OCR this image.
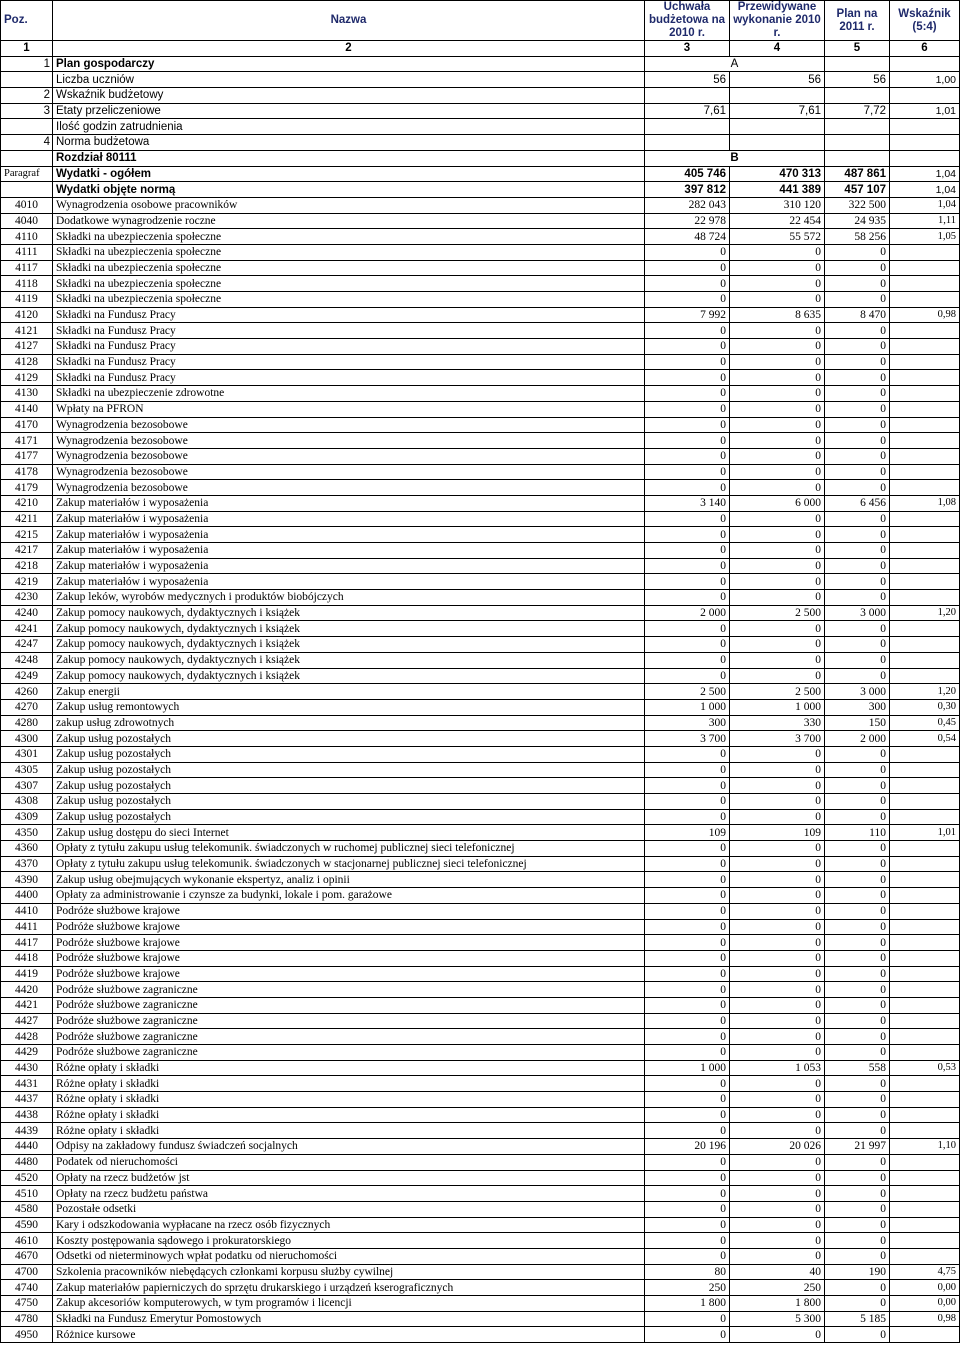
Poz.	Nazwa	Uchwała budżetowa na 2010 r.	Przewidywane wykonanie 2010 r.	Plan na 2011 r.	Wskaźnik (5:4)
1	2	3	4	5	6
1	Plan gospodarczy	A			
	Liczba uczniów	56	56	56	1,00
2	Wskaźnik budżetowy				
3	Etaty przeliczeniowe	7,61	7,61	7,72	1,01
	Ilość godzin zatrudnienia				
4	Norma budżetowa				
	Rozdział 80111	B			
Paragraf	Wydatki - ogółem	405 746	470 313	487 861	1,04
	Wydatki objęte normą	397 812	441 389	457 107	1,04
4010	Wynagrodzenia osobowe pracowników	282 043	310 120	322 500	1,04
4040	Dodatkowe wynagrodzenie roczne	22 978	22 454	24 935	1,11
4110	Składki na ubezpieczenia społeczne	48 724	55 572	58 256	1,05
4111	Składki na ubezpieczenia społeczne	0	0	0	
4117	Składki na ubezpieczenia społeczne	0	0	0	
4118	Składki na ubezpieczenia społeczne	0	0	0	
4119	Składki na ubezpieczenia społeczne	0	0	0	
4120	Składki na Fundusz Pracy	7 992	8 635	8 470	0,98
4121	Składki na Fundusz Pracy	0	0	0	
4127	Składki na Fundusz Pracy	0	0	0	
4128	Składki na Fundusz Pracy	0	0	0	
4129	Składki na Fundusz Pracy	0	0	0	
4130	Składki na ubezpieczenie zdrowotne	0	0	0	
4140	Wpłaty na PFRON	0	0	0	
4170	Wynagrodzenia bezosobowe	0	0	0	
4171	Wynagrodzenia bezosobowe	0	0	0	
4177	Wynagrodzenia bezosobowe	0	0	0	
4178	Wynagrodzenia bezosobowe	0	0	0	
4179	Wynagrodzenia bezosobowe	0	0	0	
4210	Zakup materiałów i wyposażenia	3 140	6 000	6 456	1,08
4211	Zakup materiałów i wyposażenia	0	0	0	
4215	Zakup materiałów i wyposażenia	0	0	0	
4217	Zakup materiałów i wyposażenia	0	0	0	
4218	Zakup materiałów i wyposażenia	0	0	0	
4219	Zakup materiałów i wyposażenia	0	0	0	
4230	Zakup leków, wyrobów medycznych i produktów biobójczych	0	0	0	
4240	Zakup pomocy naukowych, dydaktycznych i książek	2 000	2 500	3 000	1,20
4241	Zakup pomocy naukowych, dydaktycznych i książek	0	0	0	
4247	Zakup pomocy naukowych, dydaktycznych i książek	0	0	0	
4248	Zakup pomocy naukowych, dydaktycznych i książek	0	0	0	
4249	Zakup pomocy naukowych, dydaktycznych i książek	0	0	0	
4260	Zakup energii	2 500	2 500	3 000	1,20
4270	Zakup usług remontowych	1 000	1 000	300	0,30
4280	zakup usług zdrowotnych	300	330	150	0,45
4300	Zakup usług pozostałych	3 700	3 700	2 000	0,54
4301	Zakup usług pozostałych	0	0	0	
4305	Zakup usług pozostałych	0	0	0	
4307	Zakup usług pozostałych	0	0	0	
4308	Zakup usług pozostałych	0	0	0	
4309	Zakup usług pozostałych	0	0	0	
4350	Zakup usług dostępu do sieci Internet	109	109	110	1,01
4360	Opłaty z tytułu zakupu usług telekomunik. świadczonych w ruchomej publicznej sieci telefonicznej	0	0	0	
4370	Opłaty z tytułu zakupu usług telekomunik. świadczonych w stacjonarnej publicznej sieci telefonicznej	0	0	0	
4390	Zakup usług obejmujących wykonanie ekspertyz, analiz i opinii	0	0	0	
4400	Opłaty za administrowanie i czynsze za budynki, lokale i pom. garażowe	0	0	0	
4410	Podróże służbowe krajowe	0	0	0	
4411	Podróże służbowe krajowe	0	0	0	
4417	Podróże służbowe krajowe	0	0	0	
4418	Podróże służbowe krajowe	0	0	0	
4419	Podróże służbowe krajowe	0	0	0	
4420	Podróże służbowe zagraniczne	0	0	0	
4421	Podróże służbowe zagraniczne	0	0	0	
4427	Podróże służbowe zagraniczne	0	0	0	
4428	Podróże służbowe zagraniczne	0	0	0	
4429	Podróże służbowe zagraniczne	0	0	0	
4430	Różne opłaty i składki	1 000	1 053	558	0,53
4431	Różne opłaty i składki	0	0	0	
4437	Różne opłaty i składki	0	0	0	
4438	Różne opłaty i składki	0	0	0	
4439	Różne opłaty i składki	0	0	0	
4440	Odpisy na zakładowy fundusz świadczeń socjalnych	20 196	20 026	21 997	1,10
4480	Podatek od nieruchomości	0	0	0	
4520	Opłaty na rzecz budżetów jst	0	0	0	
4510	Opłaty na rzecz budżetu państwa	0	0	0	
4580	Pozostałe odsetki	0	0	0	
4590	Kary i odszkodowania wypłacane na rzecz osób fizycznych	0	0	0	
4610	Koszty postępowania sądowego i prokuratorskiego	0	0	0	
4670	Odsetki od nieterminowych wpłat podatku od nieruchomości	0	0	0	
4700	Szkolenia pracowników niebędących członkami korpusu służby cywilnej	80	40	190	4,75
4740	Zakup materiałów papierniczych do sprzętu drukarskiego i urządzeń kserograficznych	250	250	0	0,00
4750	Zakup akcesoriów komputerowych, w tym programów i licencji	1 800	1 800	0	0,00
4780	Składki na Fundusz Emerytur Pomostowych	0	5 300	5 185	0,98
4950	Różnice kursowe	0	0	0	
